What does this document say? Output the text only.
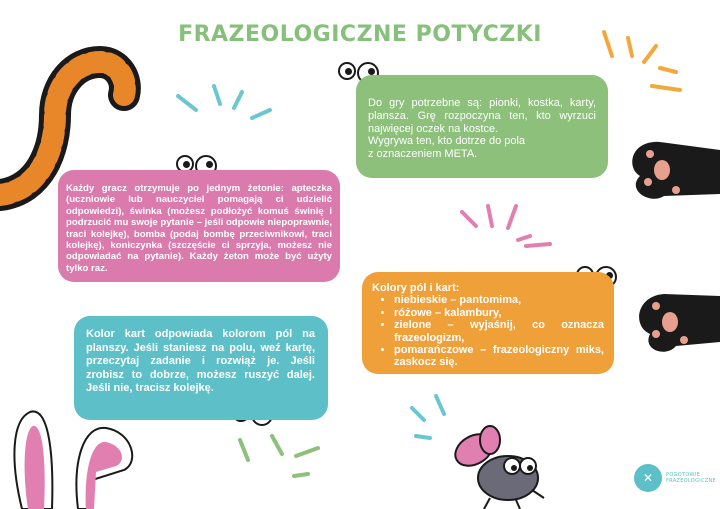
FRAZEOLOGICZNE POTYCZKI

Do gry potrzebne są: pionki, kostka, karty, plansza. Grę rozpoczyna ten, kto wyrzuci najwięcej oczek na kostce.

Wygrywa ten, kto dotrze do pola

z oznaczeniem META.

Każdy gracz otrzymuje po jednym żetonie: apteczka (uczniowie lub nauczyciel pomagają ci udzielić odpowiedzi), świnka (możesz podłożyć komuś świnię i podrzucić mu swoje pytanie – jeśli odpowie niepoprawnie, traci kolejkę), bomba (podaj bombę przeciwnikowi, traci kolejkę), koniczynka (szczęście ci sprzyja, możesz nie odpowiadać na pytanie). Każdy żeton może być użyty tylko raz.

Kolory pól i kart:

• niebieskie – pantomima,
• różowe – kalambury,
• zielone – wyjaśnij, co oznacza frazeologizm,
• pomarańczowe – frazeologiczny miks, zaskocz się.

Kolor kart odpowiada kolorom pól na planszy. Jeśli staniesz na polu, weź kartę, przeczytaj zadanie i rozwiąż je. Jeśli zrobisz to dobrze, możesz ruszyć dalej. Jeśli nie, tracisz kolejkę.

✕	POGOTOWIE
FRAZEOLOGICZNE
